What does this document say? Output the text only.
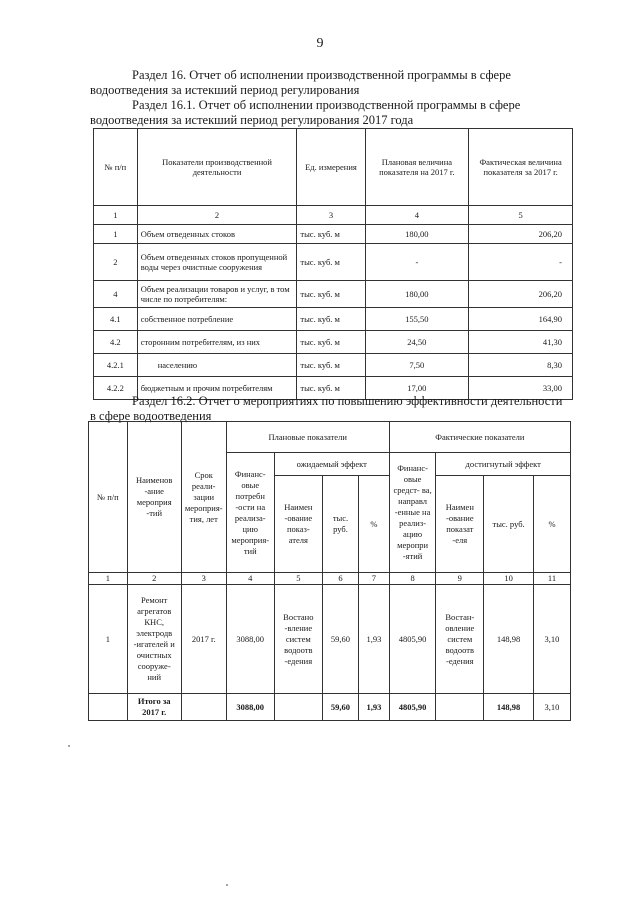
9
Раздел 16. Отчет об исполнении производственной программы в сфере водоотведения за истекший период регулирования
Раздел 16.1. Отчет об исполнении производственной программы в сфере водоотведения за истекший период регулирования 2017 года
№ п/п	Показатели производственной деятельности	Ед. измерения	Плановая величина показателя на 2017 г.	Фактическая величина показателя за 2017 г.
1	2	3	4	5
1	Объем отведенных стоков	тыс. куб. м	180,00	206,20
2	Объем отведенных стоков пропущенной воды через очистные сооружения	тыс. куб. м	-	-
4	Объем реализации товаров и услуг, в том числе по потребителям:	тыс. куб. м	180,00	206,20
4.1	собственное потребление	тыс. куб. м	155,50	164,90
4.2	сторонним потребителям, из них	тыс. куб. м	24,50	41,30
4.2.1	населению	тыс. куб. м	7,50	8,30
4.2.2	бюджетным и прочим потребителям	тыс. куб. м	17,00	33,00
Раздел 16.2. Отчет о мероприятиях по повышению эффективности деятельности в сфере водоотведения
№ п/п	Наименов -ание мероприя -тий	Срок реали- зации мероприя- тия, лет	Плановые показатели				Фактические показатели			
			Финанс- овые потребн -ости на реализа- цию мероприя- тий	ожидаемый эффект			Финанс- овые средст- ва, направл -енные на реализ- ацию меропри -ятий	достигнутый эффект		
				Наимен -ование показ- ателя	тыс. руб.	%		Наимен -ование показат -еля	тыс. руб.	%
1	2	3	4	5	6	7	8	9	10	11
1	Ремонт агрегатов КНС, электродв -игателей и очистных сооруже- ний	2017 г.	3088,00	Востано -вление систем водоотв -едения	59,60	1,93	4805,90	Востан- овление систем водоотв -едения	148,98	3,10
	Итого за 2017 г.		3088,00		59,60	1,93	4805,90		148,98	3,10
